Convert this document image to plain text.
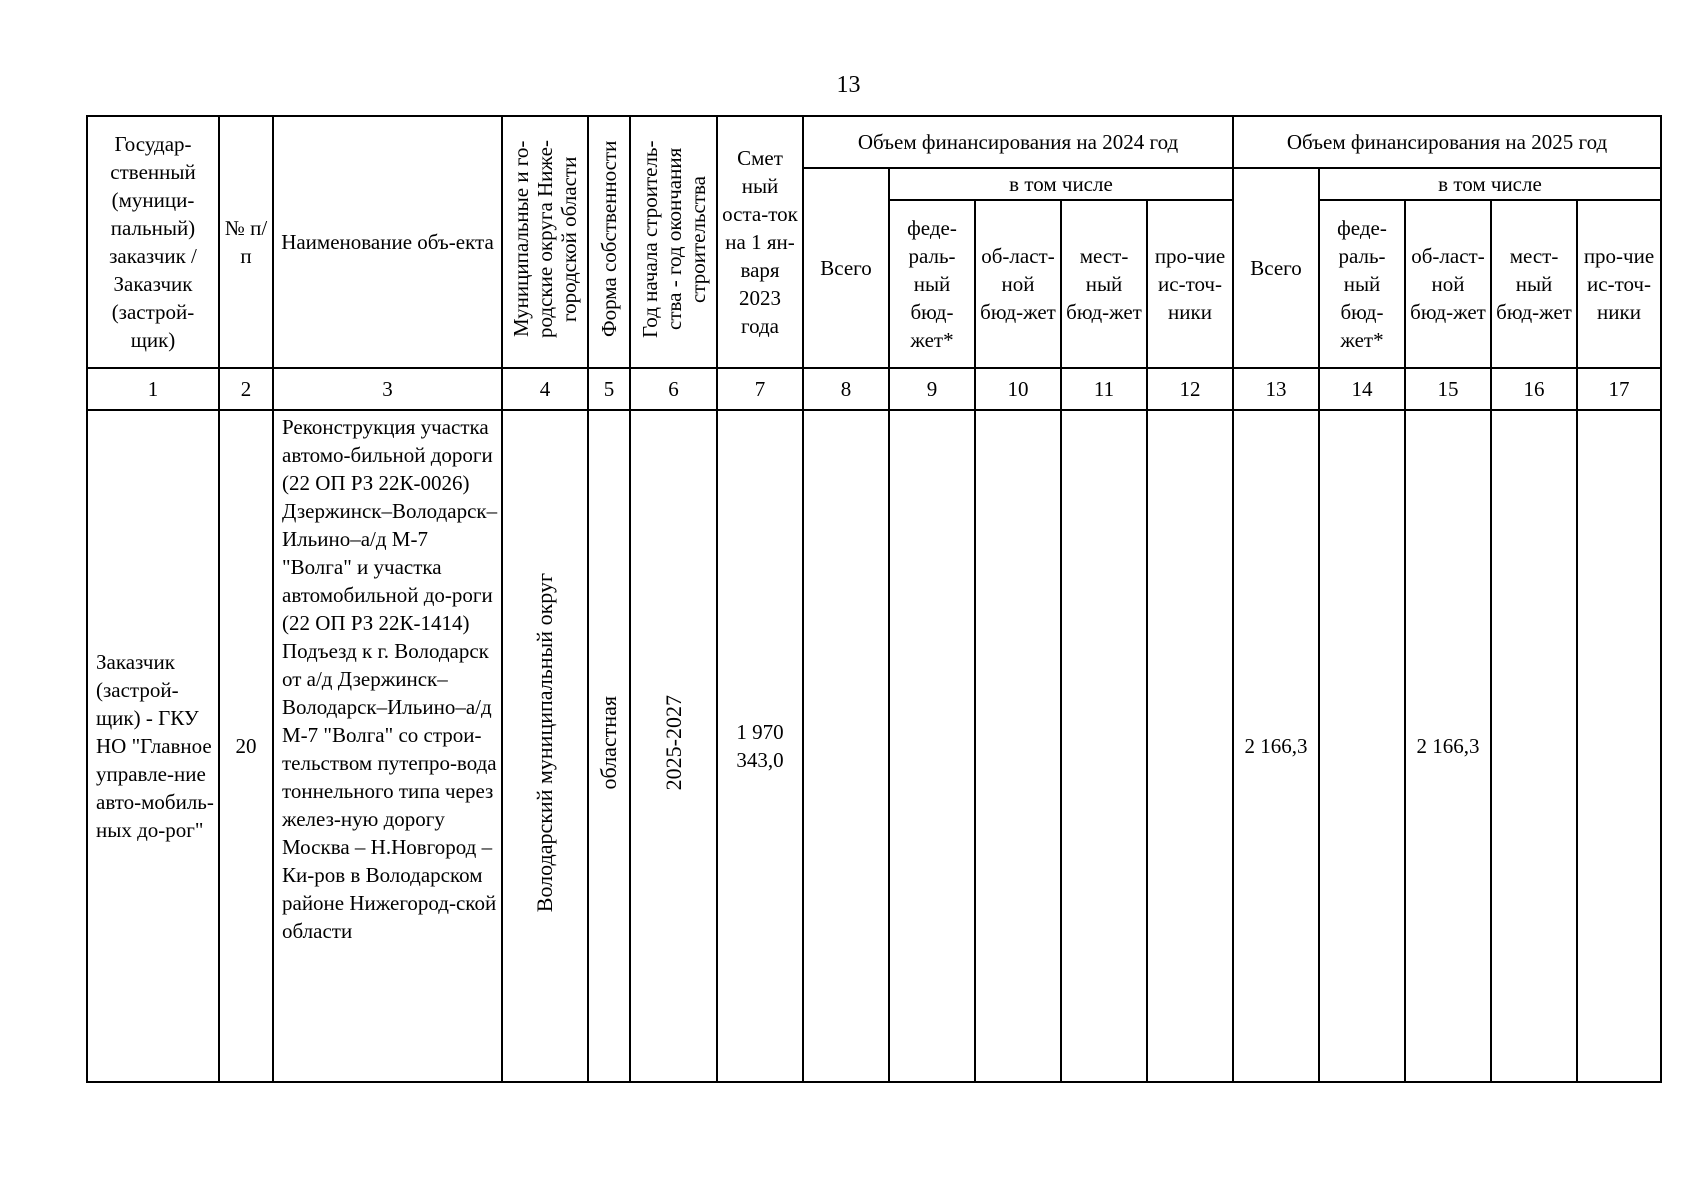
13
Государ-ственный (муници-пальный) заказчик / Заказчик (застрой-щик)	№ п/п	Наименование объ-екта	Муниципальные и го-родские округа Ниже-городской области	Форма собственности	Год начала строитель-ства - год окончания строительства	Смет ный оста-ток на 1 ян-варя 2023 года	Объем финансирования на 2024 год					Объем финансирования на 2025 год				
							Всего	в том числе				Всего	в том числе			
								феде-раль-ный бюд-жет*	об-ласт-ной бюд-жет	мест-ный бюд-жет	про-чие ис-точ-ники		феде-раль-ный бюд-жет*	об-ласт-ной бюд-жет	мест-ный бюд-жет	про-чие ис-точ-ники
1	2	3	4	5	6	7	8	9	10	11	12	13	14	15	16	17
Заказчик (застрой-щик) - ГКУ НО "Главное управле-ние авто-мобиль-ных до-рог"	20	Реконструкция участка автомо-бильной дороги (22 ОП РЗ 22К-0026) Дзержинск–Володарск–Ильино–а/д М-7 "Волга" и участка автомобильной до-роги (22 ОП РЗ 22К-1414) Подъезд к г. Володарск от а/д Дзержинск–Володарск–Ильино–а/д М-7 "Волга" со строи-тельством путепро-вода тоннельного типа через желез-ную дорогу Москва – Н.Новгород – Ки-ров в Володарском районе Нижегород-ской области	Володарский муниципальный округ	областная	2025-2027	1 970 343,0						2 166,3		2 166,3		
